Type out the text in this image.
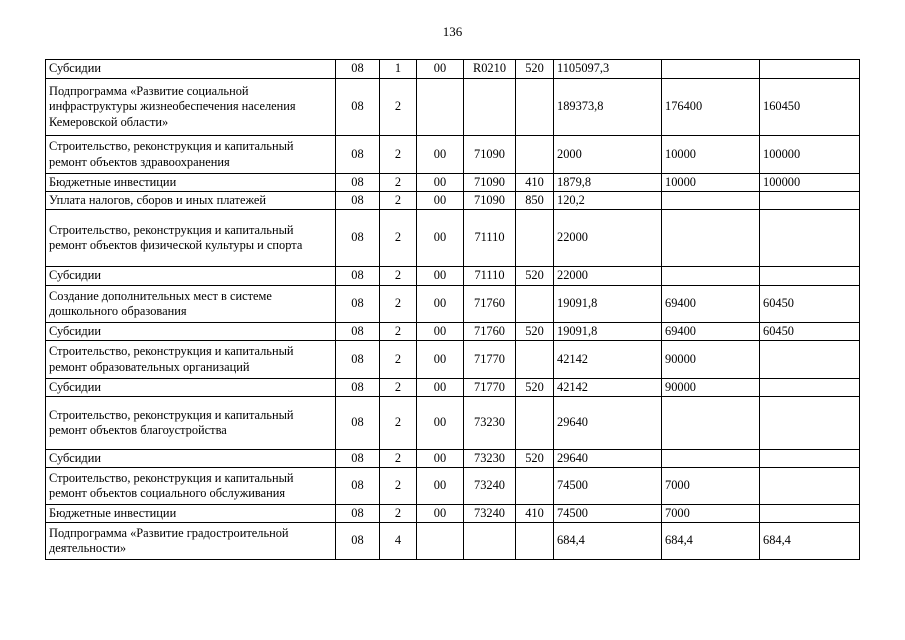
136
Субсидии	08	1	00	R0210	520	1105097,3		
Подпрограмма «Развитие социальной инфраструктуры жизнеобеспечения населения Кемеровской области»	08	2				189373,8	176400	160450
Строительство, реконструкция и капитальный ремонт объектов здравоохранения	08	2	00	71090		2000	10000	100000
Бюджетные инвестиции	08	2	00	71090	410	1879,8	10000	100000
Уплата налогов, сборов и иных платежей	08	2	00	71090	850	120,2		
Строительство, реконструкция и капитальный ремонт объектов физической культуры и спорта	08	2	00	71110		22000		
Субсидии	08	2	00	71110	520	22000		
Создание дополнительных мест в системе дошкольного образования	08	2	00	71760		19091,8	69400	60450
Субсидии	08	2	00	71760	520	19091,8	69400	60450
Строительство, реконструкция и капитальный ремонт образовательных организаций	08	2	00	71770		42142	90000	
Субсидии	08	2	00	71770	520	42142	90000	
Строительство, реконструкция и капитальный ремонт объектов благоустройства	08	2	00	73230		29640		
Субсидии	08	2	00	73230	520	29640		
Строительство, реконструкция и капитальный ремонт объектов социального обслуживания	08	2	00	73240		74500	7000	
Бюджетные инвестиции	08	2	00	73240	410	74500	7000	
Подпрограмма «Развитие градостроительной деятельности»	08	4				684,4	684,4	684,4
